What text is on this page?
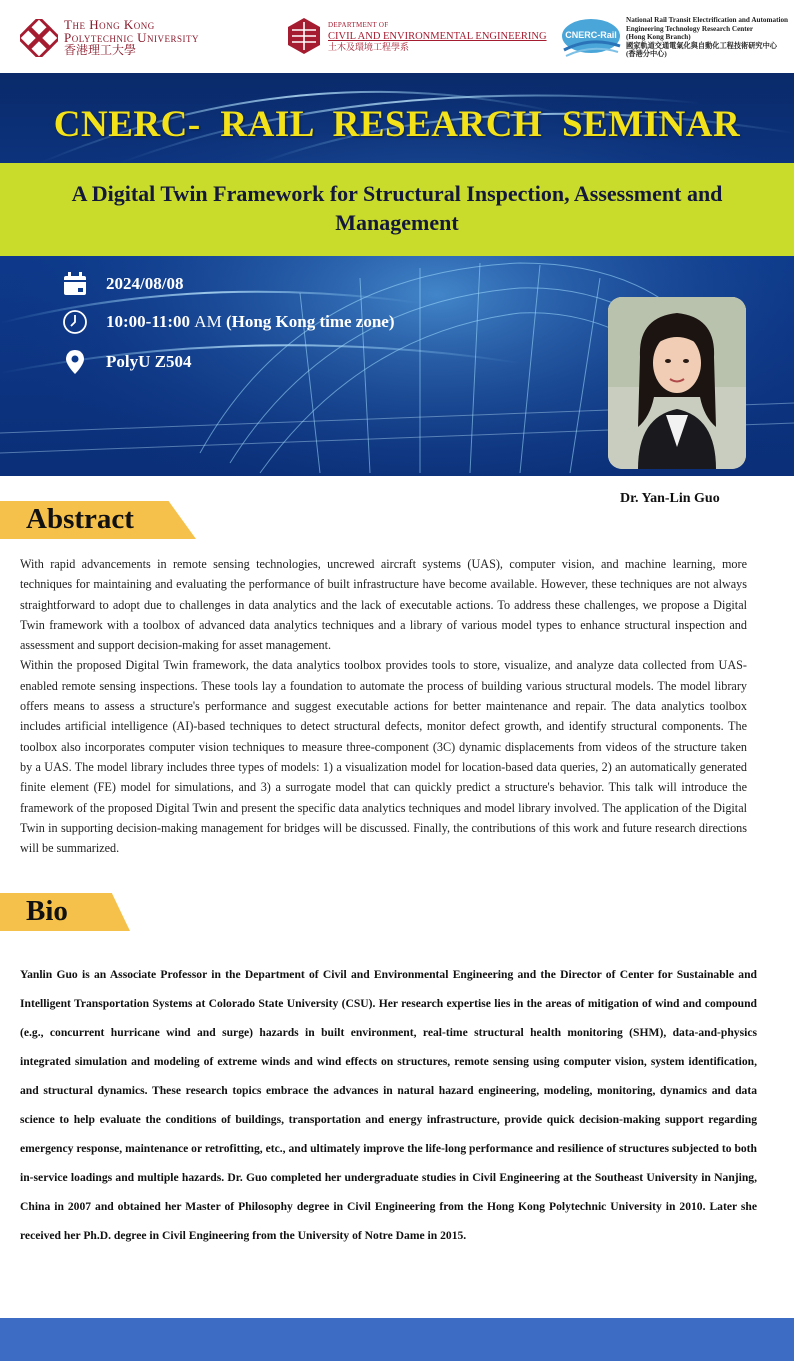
The Hong Kong
Polytechnic University
香港理工大學
DEPARTMENT OF
CIVIL AND ENVIRONMENTAL ENGINEERING
土木及環境工程學系
CNERC-Rail
National Rail Transit Electrification and Automation
Engineering Technology Research Center
(Hong Kong Branch)
國家軌道交通電氣化與自動化工程技術研究中心
(香港分中心)
CNERC- RAIL RESEARCH SEMINAR
A Digital Twin Framework for Structural Inspection, Assessment and Management
2024/08/08
10:00-11:00
AM
(Hong Kong time zone)
PolyU Z504
Dr. Yan-Lin Guo
Abstract

With rapid advancements in remote sensing technologies, uncrewed aircraft systems (UAS), computer vision, and machine learning, more techniques for maintaining and evaluating the performance of built infrastructure have become available. However, these techniques are not always straightforward to adopt due to challenges in data analytics and the lack of executable actions. To address these challenges, we propose a Digital Twin framework with a toolbox of advanced data analytics techniques and a library of various model types to enhance structural inspection and assessment and support decision-making for asset management.

Within the proposed Digital Twin framework, the data analytics toolbox provides tools to store, visualize, and analyze data collected from UAS-enabled remote sensing inspections. These tools lay a foundation to automate the process of building various structural models. The model library offers means to assess a structure's performance and suggest executable actions for better maintenance and repair. The data analytics toolbox includes artificial intelligence (AI)-based techniques to detect structural defects, monitor defect growth, and identify structural components. The toolbox also incorporates computer vision techniques to measure three-component (3C) dynamic displacements from videos of the structure taken by a UAS. The model library includes three types of models: 1) a visualization model for location-based data queries, 2) an automatically generated finite element (FE) model for simulations, and 3) a surrogate model that can quickly predict a structure's behavior. This talk will introduce the framework of the proposed Digital Twin and present the specific data analytics techniques and model library involved. The application of the Digital Twin in supporting decision-making management for bridges will be discussed. Finally, the contributions of this work and future research directions will be summarized.

Bio
Yanlin Guo is an Associate Professor in the Department of Civil and Environmental Engineering and the Director of Center for Sustainable and Intelligent Transportation Systems at Colorado State University (CSU). Her research expertise lies in the areas of mitigation of wind and compound (e.g., concurrent hurricane wind and surge) hazards in built environment, real-time structural health monitoring (SHM), data-and-physics integrated simulation and modeling of extreme winds and wind effects on structures, remote sensing using computer vision, system identification, and structural dynamics. These research topics embrace the advances in natural hazard engineering, modeling, monitoring, dynamics and data science to help evaluate the conditions of buildings, transportation and energy infrastructure, provide quick decision-making support regarding emergency response, maintenance or retrofitting, etc., and ultimately improve the life-long performance and resilience of structures subjected to both in-service loadings and multiple hazards. Dr. Guo completed her undergraduate studies in Civil Engineering at the Southeast University in Nanjing, China in 2007 and obtained her Master of Philosophy degree in Civil Engineering from the Hong Kong Polytechnic University in 2010. Later she received her Ph.D. degree in Civil Engineering from the University of Notre Dame in 2015.
